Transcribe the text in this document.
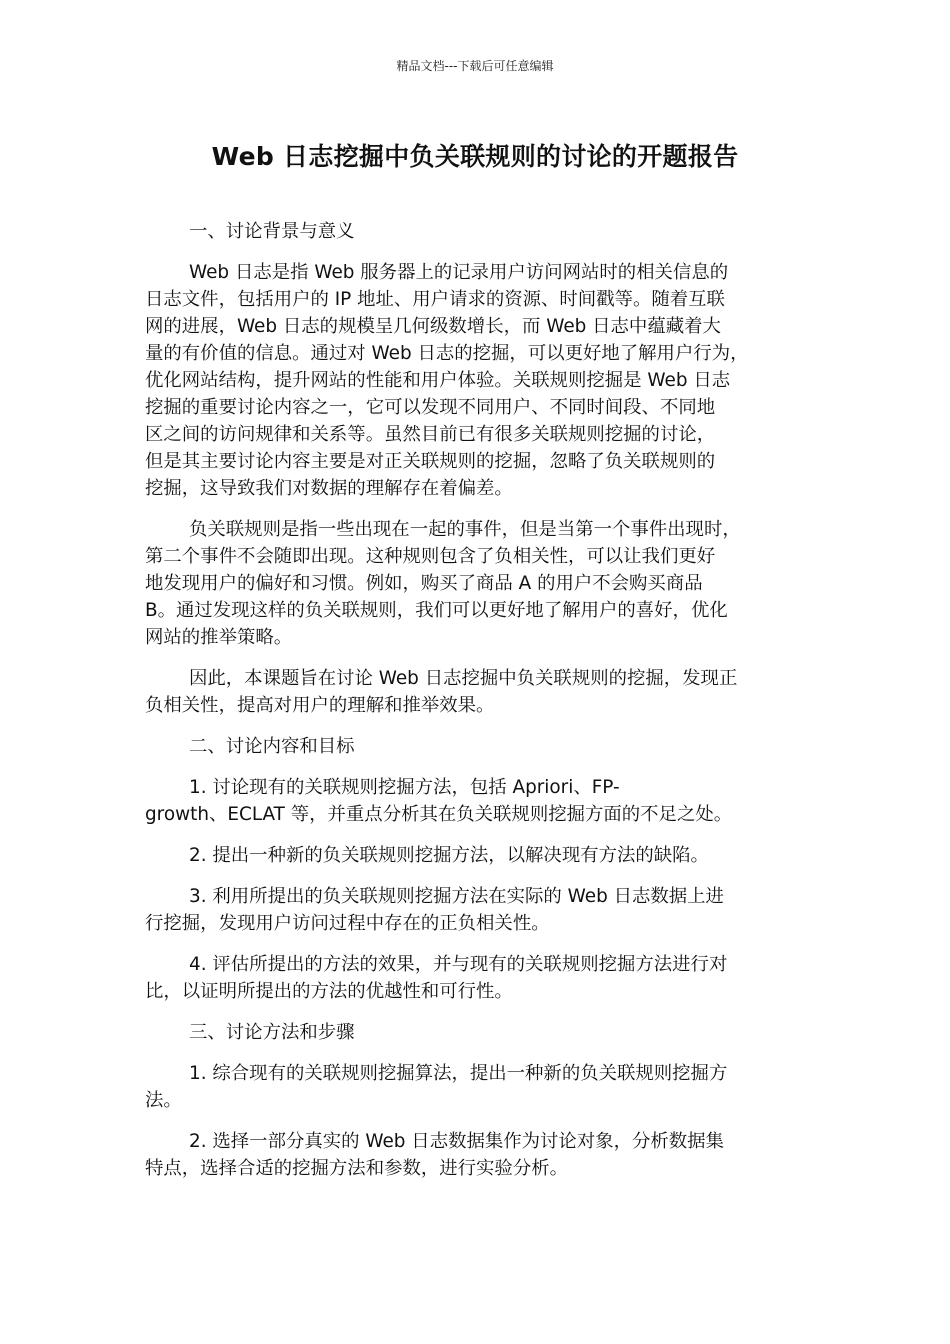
精品文档---下载后可任意编辑
Web 日志挖掘中负关联规则的讨论的开题报告
一、讨论背景与意义
Web 日志是指 Web 服务器上的记录用户访问网站时的相关信息的
日志文件，包括用户的 IP 地址、用户请求的资源、时间戳等。随着互联
网的进展，Web 日志的规模呈几何级数增长，而 Web 日志中蕴藏着大
量的有价值的信息。通过对 Web 日志的挖掘，可以更好地了解用户行为，
优化网站结构，提升网站的性能和用户体验。关联规则挖掘是 Web 日志
挖掘的重要讨论内容之一，它可以发现不同用户、不同时间段、不同地
区之间的访问规律和关系等。虽然目前已有很多关联规则挖掘的讨论，
但是其主要讨论内容主要是对正关联规则的挖掘，忽略了负关联规则的
挖掘，这导致我们对数据的理解存在着偏差。
负关联规则是指一些出现在一起的事件，但是当第一个事件出现时，
第二个事件不会随即出现。这种规则包含了负相关性，可以让我们更好
地发现用户的偏好和习惯。例如，购买了商品 A 的用户不会购买商品
B。通过发现这样的负关联规则，我们可以更好地了解用户的喜好，优化
网站的推举策略。
因此，本课题旨在讨论 Web 日志挖掘中负关联规则的挖掘，发现正
负相关性，提高对用户的理解和推举效果。
二、讨论内容和目标
1. 讨论现有的关联规则挖掘方法，包括 Apriori、FP-
growth、ECLAT 等，并重点分析其在负关联规则挖掘方面的不足之处。
2. 提出一种新的负关联规则挖掘方法，以解决现有方法的缺陷。
3. 利用所提出的负关联规则挖掘方法在实际的 Web 日志数据上进
行挖掘，发现用户访问过程中存在的正负相关性。
4. 评估所提出的方法的效果，并与现有的关联规则挖掘方法进行对
比，以证明所提出的方法的优越性和可行性。
三、讨论方法和步骤
1. 综合现有的关联规则挖掘算法，提出一种新的负关联规则挖掘方
法。
2. 选择一部分真实的 Web 日志数据集作为讨论对象，分析数据集
特点，选择合适的挖掘方法和参数，进行实验分析。
